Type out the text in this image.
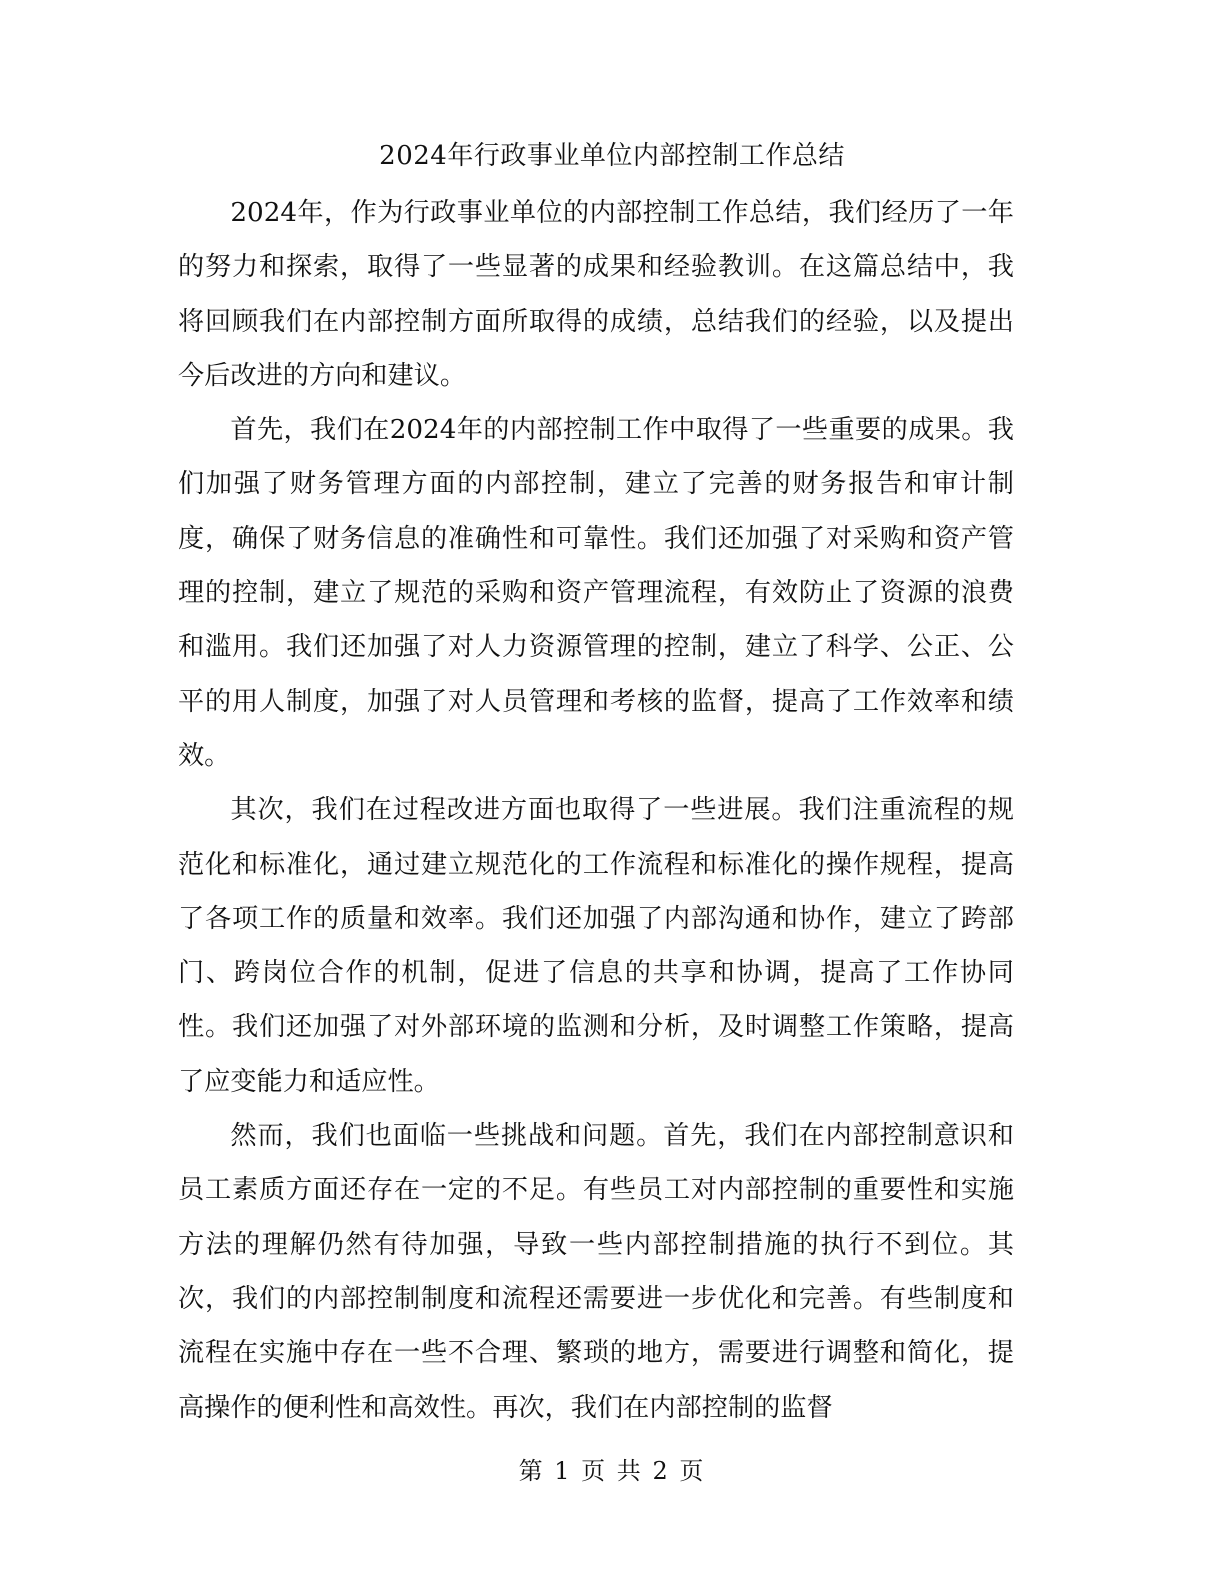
2024年行政事业单位内部控制工作总结

2024年，作为行政事业单位的内部控制工作总结，我们经历了一年的努力和探索，取得了一些显著的成果和经验教训。在这篇总结中，我将回顾我们在内部控制方面所取得的成绩，总结我们的经验，以及提出今后改进的方向和建议。

首先，我们在2024年的内部控制工作中取得了一些重要的成果。我们加强了财务管理方面的内部控制，建立了完善的财务报告和审计制度，确保了财务信息的准确性和可靠性。我们还加强了对采购和资产管理的控制，建立了规范的采购和资产管理流程，有效防止了资源的浪费和滥用。我们还加强了对人力资源管理的控制，建立了科学、公正、公平的用人制度，加强了对人员管理和考核的监督，提高了工作效率和绩效。

其次，我们在过程改进方面也取得了一些进展。我们注重流程的规范化和标准化，通过建立规范化的工作流程和标准化的操作规程，提高了各项工作的质量和效率。我们还加强了内部沟通和协作，建立了跨部门、跨岗位合作的机制，促进了信息的共享和协调，提高了工作协同性。我们还加强了对外部环境的监测和分析，及时调整工作策略，提高了应变能力和适应性。

然而，我们也面临一些挑战和问题。首先，我们在内部控制意识和员工素质方面还存在一定的不足。有些员工对内部控制的重要性和实施方法的理解仍然有待加强，导致一些内部控制措施的执行不到位。其次，我们的内部控制制度和流程还需要进一步优化和完善。有些制度和流程在实施中存在一些不合理、繁琐的地方，需要进行调整和简化，提高操作的便利性和高效性。再次，我们在内部控制的监督

第 1 页 共 2 页
